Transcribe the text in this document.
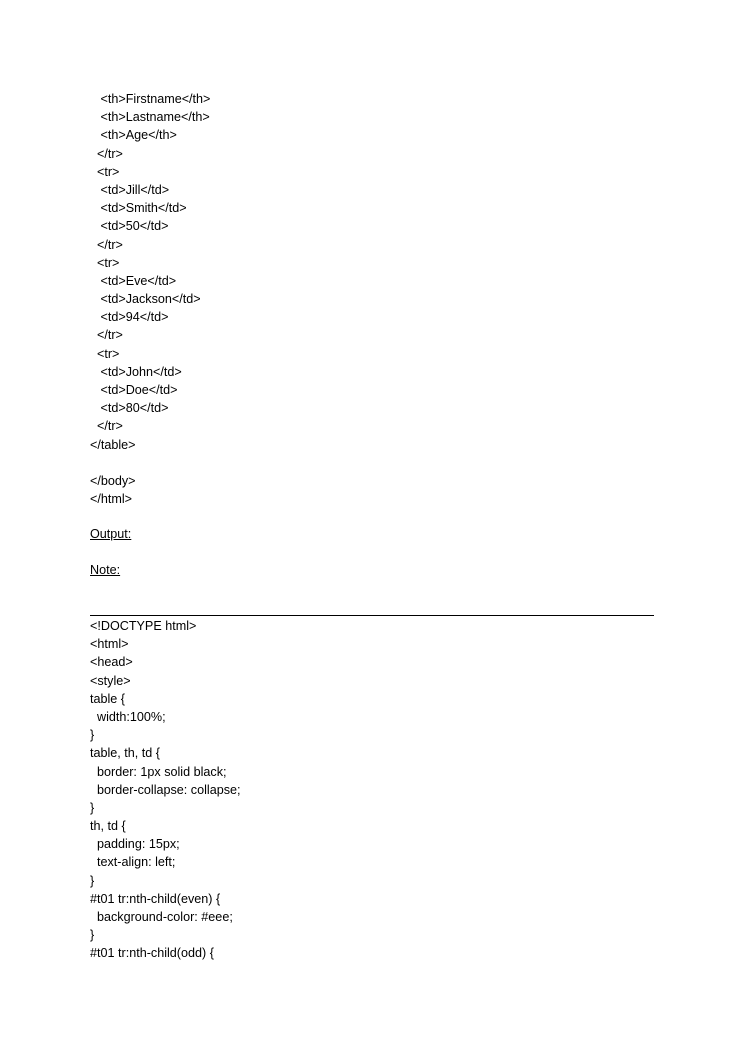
<th>Firstname</th>
<th>Lastname</th>
<th>Age</th>
</tr>
<tr>
<td>Jill</td>
<td>Smith</td>
<td>50</td>
</tr>
<tr>
<td>Eve</td>
<td>Jackson</td>
<td>94</td>
</tr>
<tr>
<td>John</td>
<td>Doe</td>
<td>80</td>
</tr>
</table>
</body>
</html>
Output:
Note:
<!DOCTYPE html>
<html>
<head>
<style>
table {
width:100%;
}
table, th, td {
border: 1px solid black;
border-collapse: collapse;
}
th, td {
padding: 15px;
text-align: left;
}
#t01 tr:nth-child(even) {
background-color: #eee;
}
#t01 tr:nth-child(odd) {
